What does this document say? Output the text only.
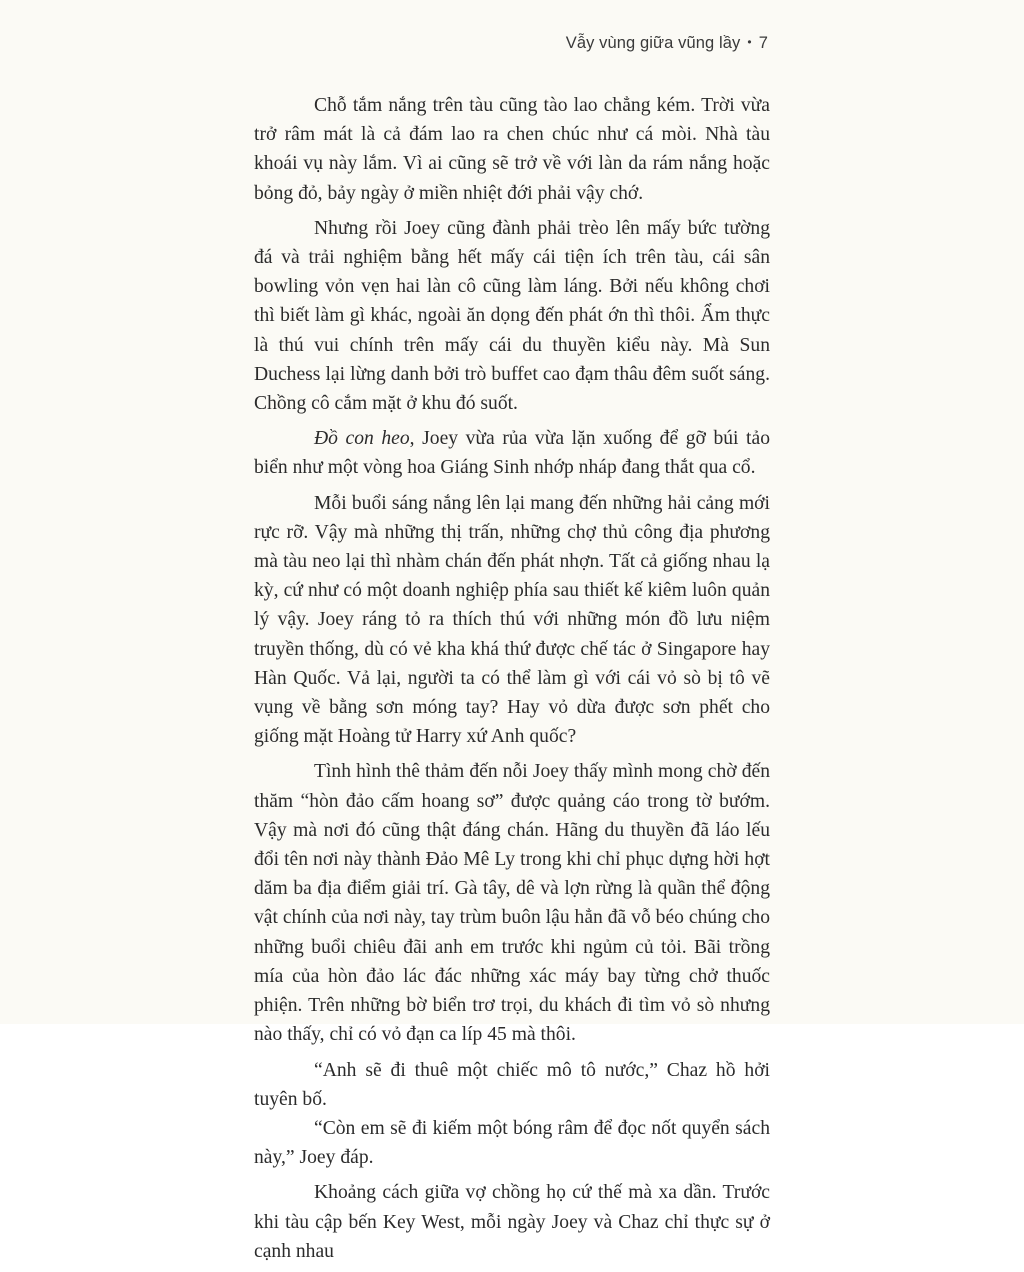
Vẫy vùng giữa vũng lầy • 7

Chỗ tắm nắng trên tàu cũng tào lao chẳng kém. Trời vừa trở râm mát là cả đám lao ra chen chúc như cá mòi. Nhà tàu khoái vụ này lắm. Vì ai cũng sẽ trở về với làn da rám nắng hoặc bỏng đỏ, bảy ngày ở miền nhiệt đới phải vậy chớ.

Nhưng rồi Joey cũng đành phải trèo lên mấy bức tường đá và trải nghiệm bằng hết mấy cái tiện ích trên tàu, cái sân bowling vỏn vẹn hai làn cô cũng làm láng. Bởi nếu không chơi thì biết làm gì khác, ngoài ăn dọng đến phát ớn thì thôi. Ẩm thực là thú vui chính trên mấy cái du thuyền kiểu này. Mà Sun Duchess lại lừng danh bởi trò buffet cao đạm thâu đêm suốt sáng. Chồng cô cắm mặt ở khu đó suốt.

Đồ con heo, Joey vừa rủa vừa lặn xuống để gỡ búi tảo biển như một vòng hoa Giáng Sinh nhớp nháp đang thắt qua cổ.

Mỗi buổi sáng nắng lên lại mang đến những hải cảng mới rực rỡ. Vậy mà những thị trấn, những chợ thủ công địa phương mà tàu neo lại thì nhàm chán đến phát nhợn. Tất cả giống nhau lạ kỳ, cứ như có một doanh nghiệp phía sau thiết kế kiêm luôn quản lý vậy. Joey ráng tỏ ra thích thú với những món đồ lưu niệm truyền thống, dù có vẻ kha khá thứ được chế tác ở Singapore hay Hàn Quốc. Vả lại, người ta có thể làm gì với cái vỏ sò bị tô vẽ vụng về bằng sơn móng tay? Hay vỏ dừa được sơn phết cho giống mặt Hoàng tử Harry xứ Anh quốc?

Tình hình thê thảm đến nỗi Joey thấy mình mong chờ đến thăm “hòn đảo cấm hoang sơ” được quảng cáo trong tờ bướm. Vậy mà nơi đó cũng thật đáng chán. Hãng du thuyền đã láo lếu đổi tên nơi này thành Đảo Mê Ly trong khi chỉ phục dựng hời hợt dăm ba địa điểm giải trí. Gà tây, dê và lợn rừng là quần thể động vật chính của nơi này, tay trùm buôn lậu hẳn đã vỗ béo chúng cho những buổi chiêu đãi anh em trước khi ngủm củ tỏi. Bãi trồng mía của hòn đảo lác đác những xác máy bay từng chở thuốc phiện. Trên những bờ biển trơ trọi, du khách đi tìm vỏ sò nhưng nào thấy, chỉ có vỏ đạn ca líp 45 mà thôi.

“Anh sẽ đi thuê một chiếc mô tô nước,” Chaz hồ hởi tuyên bố.

“Còn em sẽ đi kiếm một bóng râm để đọc nốt quyển sách này,” Joey đáp.

Khoảng cách giữa vợ chồng họ cứ thế mà xa dần. Trước khi tàu cập bến Key West, mỗi ngày Joey và Chaz chỉ thực sự ở cạnh nhau
